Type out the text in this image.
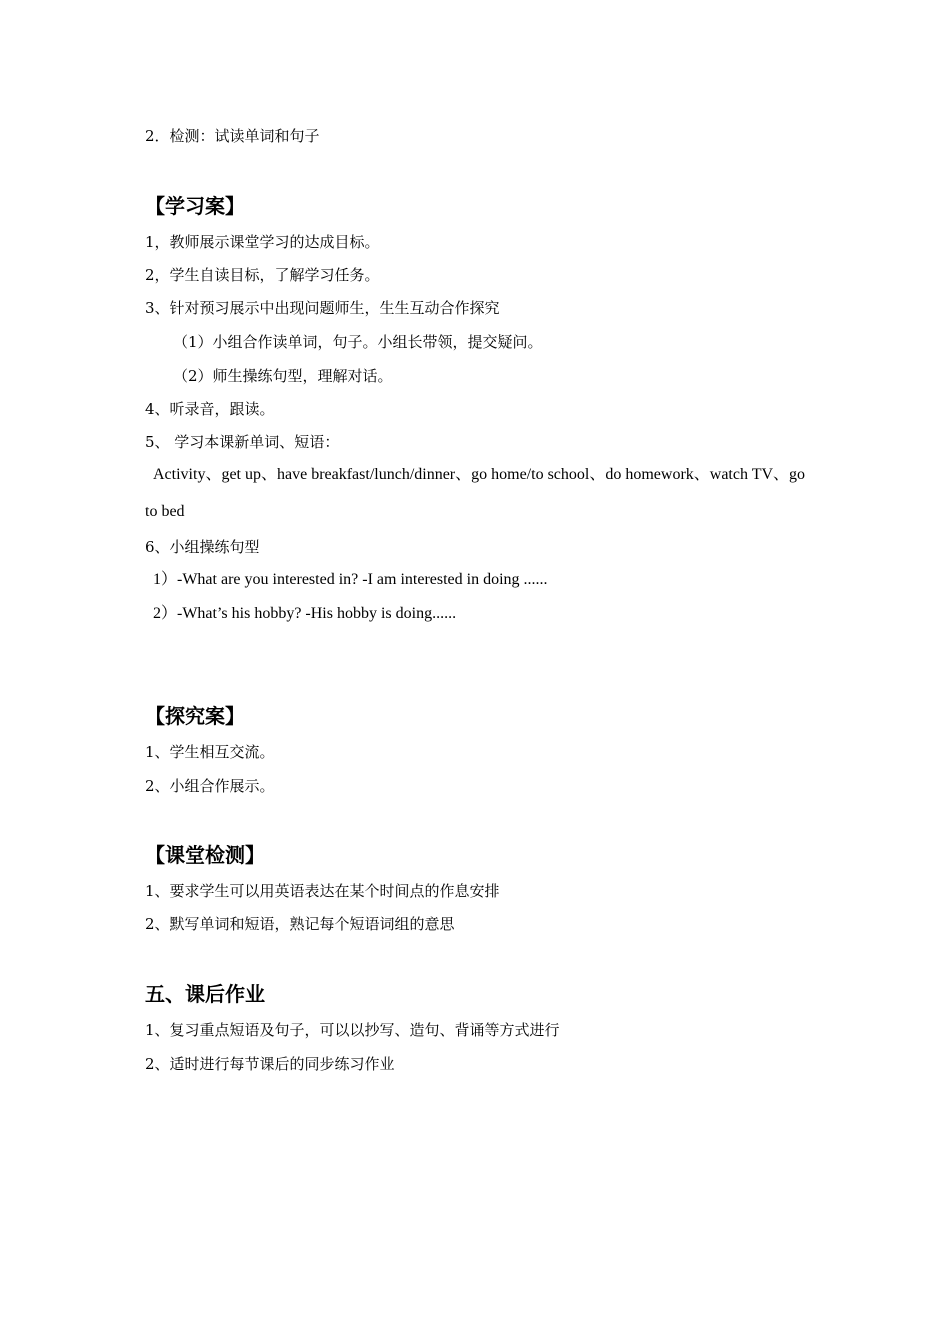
2．检测：试读单词和句子
【学习案】
1，教师展示课堂学习的达成目标。
2，学生自读目标，了解学习任务。
3、针对预习展示中出现问题师生，生生互动合作探究
（1）小组合作读单词，句子。小组长带领，提交疑问。
（2）师生操练句型，理解对话。
4、听录音，跟读。
5、 学习本课新单词、短语：
Activity、get up、have breakfast/lunch/dinner、go home/to school、do homework、watch TV、go
to bed
6、小组操练句型
1）-What are you interested in? -I am interested in doing ......
2）-What’s his hobby? -His hobby is doing......
【探究案】
1、学生相互交流。
2、小组合作展示。
【课堂检测】
1、要求学生可以用英语表达在某个时间点的作息安排
2、默写单词和短语，熟记每个短语词组的意思
五、课后作业
1、复习重点短语及句子，可以以抄写、造句、背诵等方式进行
2、适时进行每节课后的同步练习作业
